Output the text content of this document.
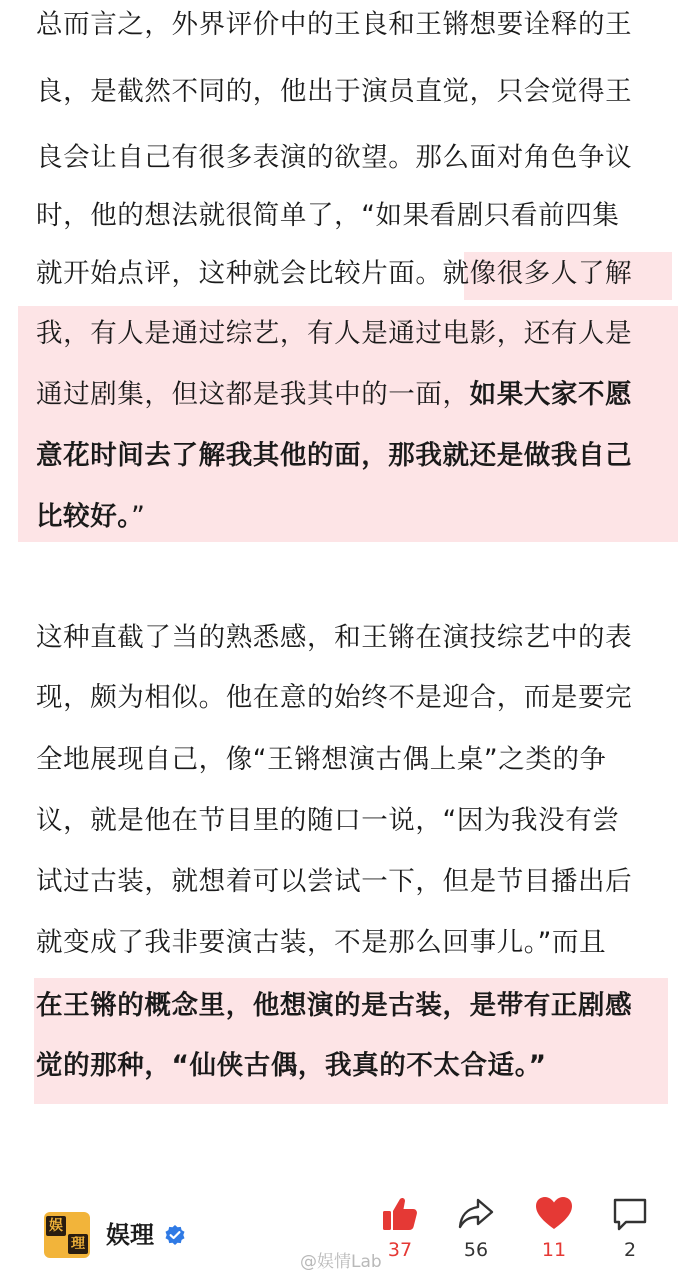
总而言之，外界评价中的王良和王锵想要诠释的王
良，是截然不同的，他出于演员直觉，只会觉得王
良会让自己有很多表演的欲望。那么面对角色争议
时，他的想法就很简单了，“如果看剧只看前四集
就开始点评，这种就会比较片面。就像很多人了解
我，有人是通过综艺，有人是通过电影，还有人是
通过剧集，但这都是我其中的一面，如果大家不愿
意花时间去了解我其他的面，那我就还是做我自己
比较好。”
这种直截了当的熟悉感，和王锵在演技综艺中的表
现，颇为相似。他在意的始终不是迎合，而是要完
全地展现自己，像“王锵想演古偶上桌”之类的争
议，就是他在节目里的随口一说，“因为我没有尝
试过古装，就想着可以尝试一下，但是节目播出后
就变成了我非要演古装，不是那么回事儿。”而且
在王锵的概念里，他想演的是古装，是带有正剧感
觉的那种，“仙侠古偶，我真的不太合适。”
娱
理 娱理
37	56	11	2
@娱情Lab
